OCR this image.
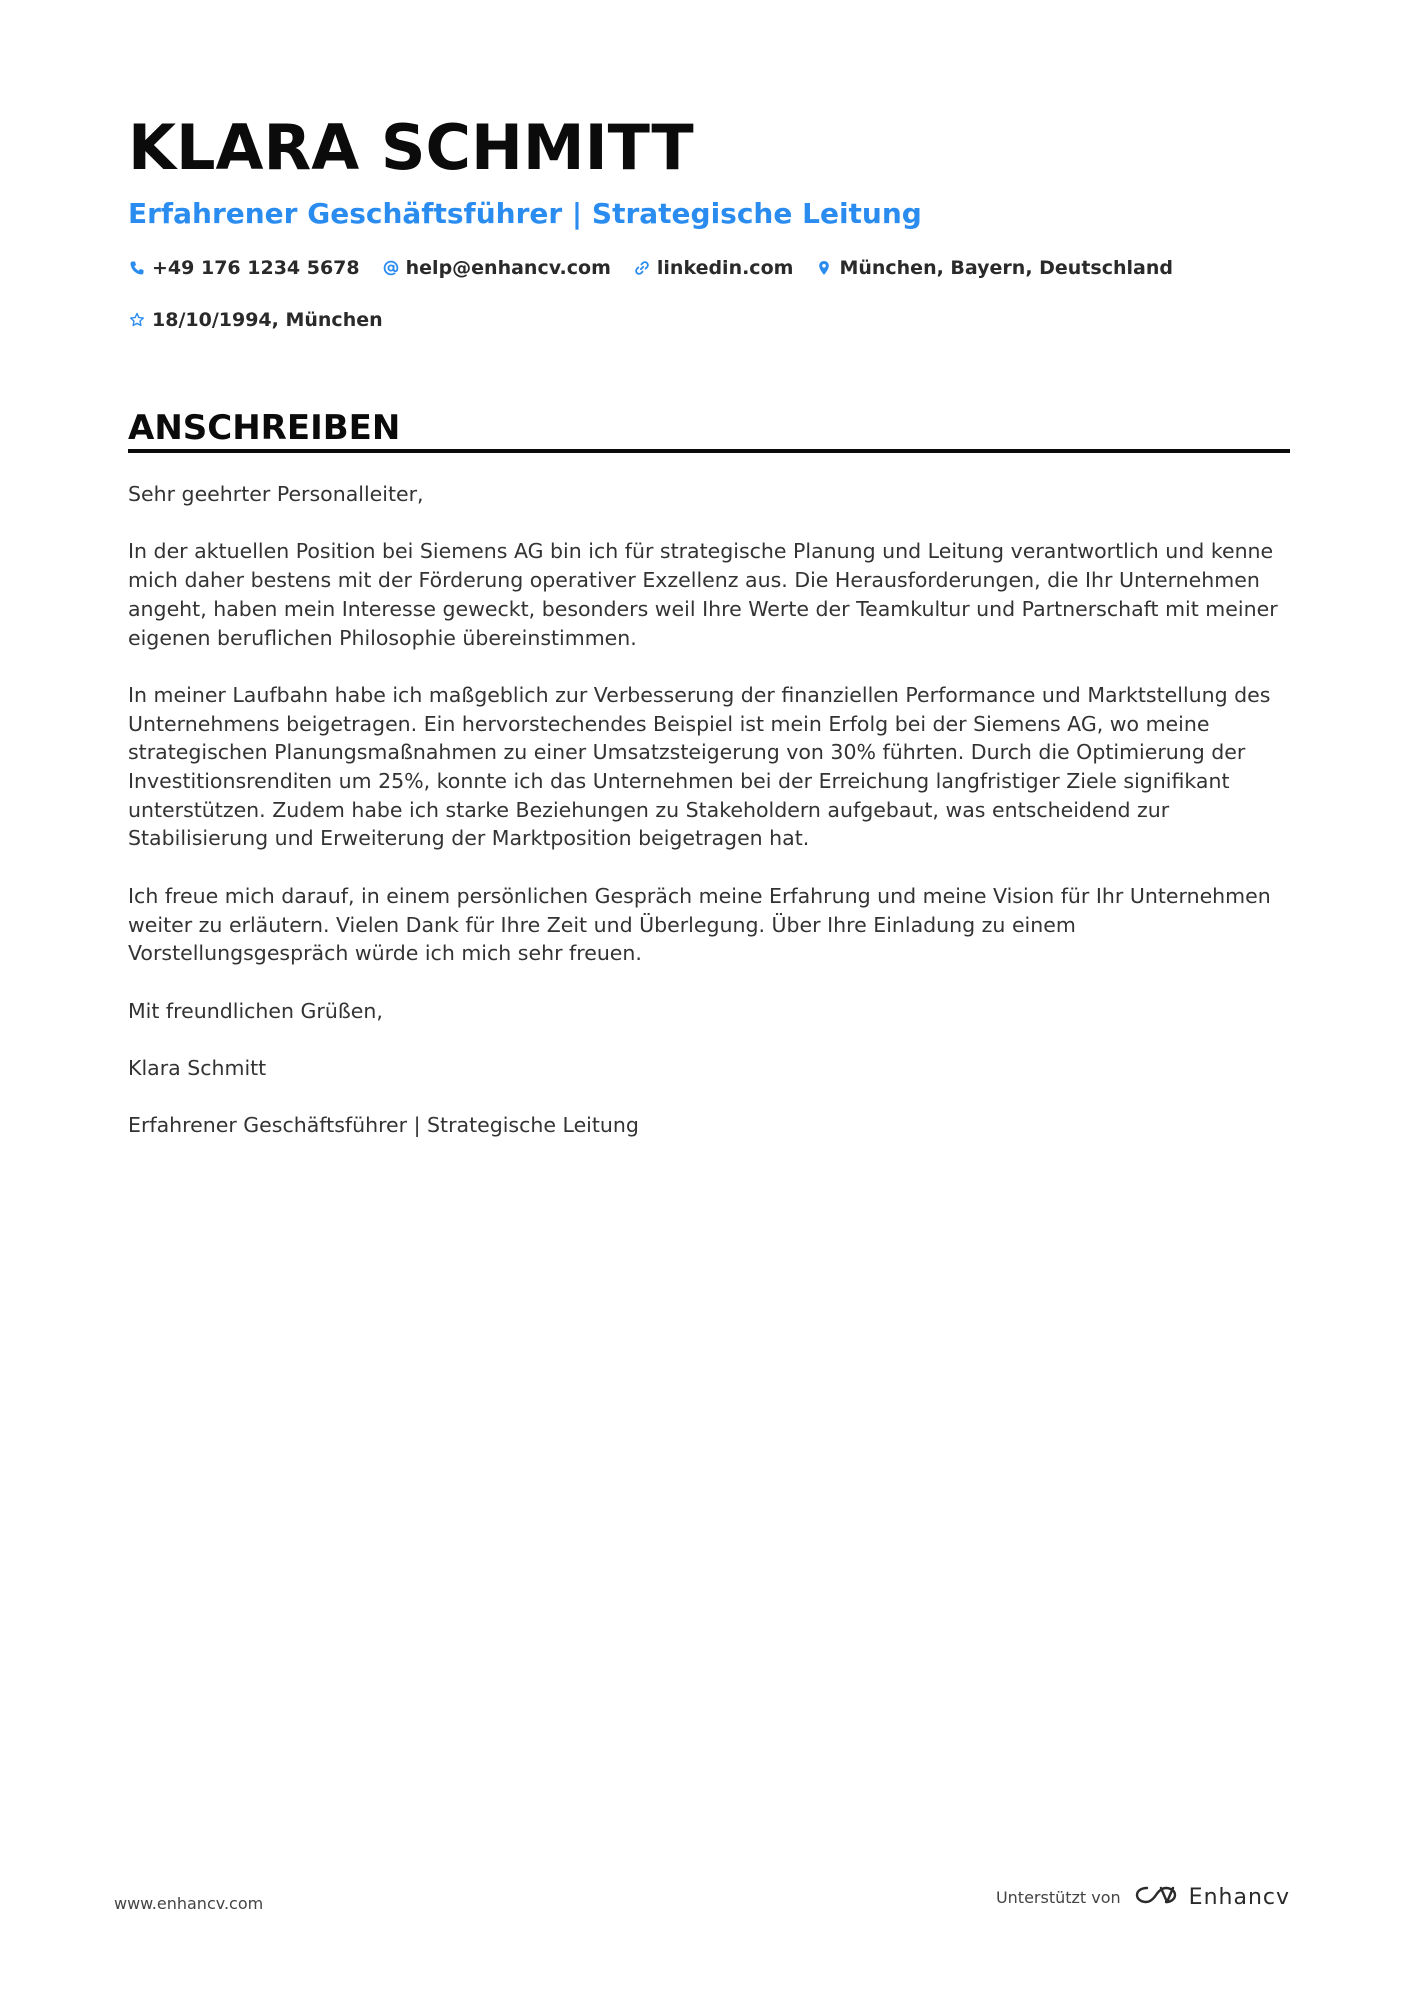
KLARA SCHMITT
Erfahrener Geschäftsführer | Strategische Leitung
+49 176 1234 5678 help@enhancv.com linkedin.com München, Bayern, Deutschland
18/10/1994, München
ANSCHREIBEN

Sehr geehrter Personalleiter,

In der aktuellen Position bei Siemens AG bin ich für strategische Planung und Leitung verantwortlich und kenne mich daher bestens mit der Förderung operativer Exzellenz aus. Die Herausforderungen, die Ihr Unternehmen angeht, haben mein Interesse geweckt, besonders weil Ihre Werte der Teamkultur und Partnerschaft mit meiner eigenen beruflichen Philosophie übereinstimmen.

In meiner Laufbahn habe ich maßgeblich zur Verbesserung der finanziellen Performance und Marktstellung des Unternehmens beigetragen. Ein hervorstechendes Beispiel ist mein Erfolg bei der Siemens AG, wo meine strategischen Planungsmaßnahmen zu einer Umsatzsteigerung von 30% führten. Durch die Optimierung der Investitionsrenditen um 25%, konnte ich das Unternehmen bei der Erreichung langfristiger Ziele signifikant unterstützen. Zudem habe ich starke Beziehungen zu Stakeholdern aufgebaut, was entscheidend zur Stabilisierung und Erweiterung der Marktposition beigetragen hat.

Ich freue mich darauf, in einem persönlichen Gespräch meine Erfahrung und meine Vision für Ihr Unternehmen weiter zu erläutern. Vielen Dank für Ihre Zeit und Überlegung. Über Ihre Einladung zu einem Vorstellungsgespräch würde ich mich sehr freuen.

Mit freundlichen Grüßen,

Klara Schmitt

Erfahrener Geschäftsführer | Strategische Leitung

www.enhancv.com	Unterstützt von	Enhancv
